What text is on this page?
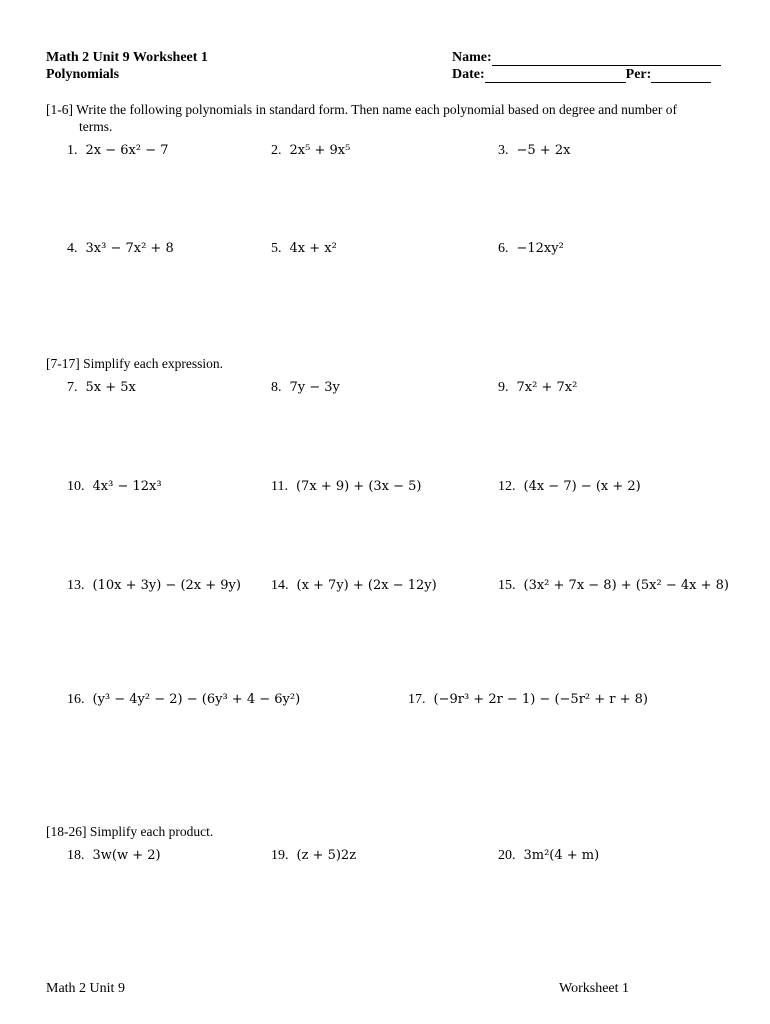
Math 2 Unit 9 Worksheet 1
Polynomials
Name:
Date:	Per:
[1-6] Write the following polynomials in standard form. Then name each polynomial based on degree and number of
terms.
1. 2x − 6x² − 7	2. 2x⁵ + 9x⁵	3. −5 + 2x
4. 3x³ − 7x² + 8	5. 4x + x²	6. −12xy²
[7-17] Simplify each expression.
7. 5x + 5x	8. 7y − 3y	9. 7x² + 7x²
10. 4x³ − 12x³	11. (7x + 9) + (3x − 5)	12. (4x − 7) − (x + 2)
13. (10x + 3y) − (2x + 9y) 14. (x + 7y) + (2x − 12y)	15. (3x² + 7x − 8) + (5x² − 4x + 8)
16. (y³ − 4y² − 2) − (6y³ + 4 − 6y²)	17. (−9r³ + 2r − 1) − (−5r² + r + 8)
[18-26] Simplify each product.
18. 3w(w + 2)	19. (z + 5)2z	20. 3m²(4 + m)
Math 2 Unit 9	Worksheet 1
